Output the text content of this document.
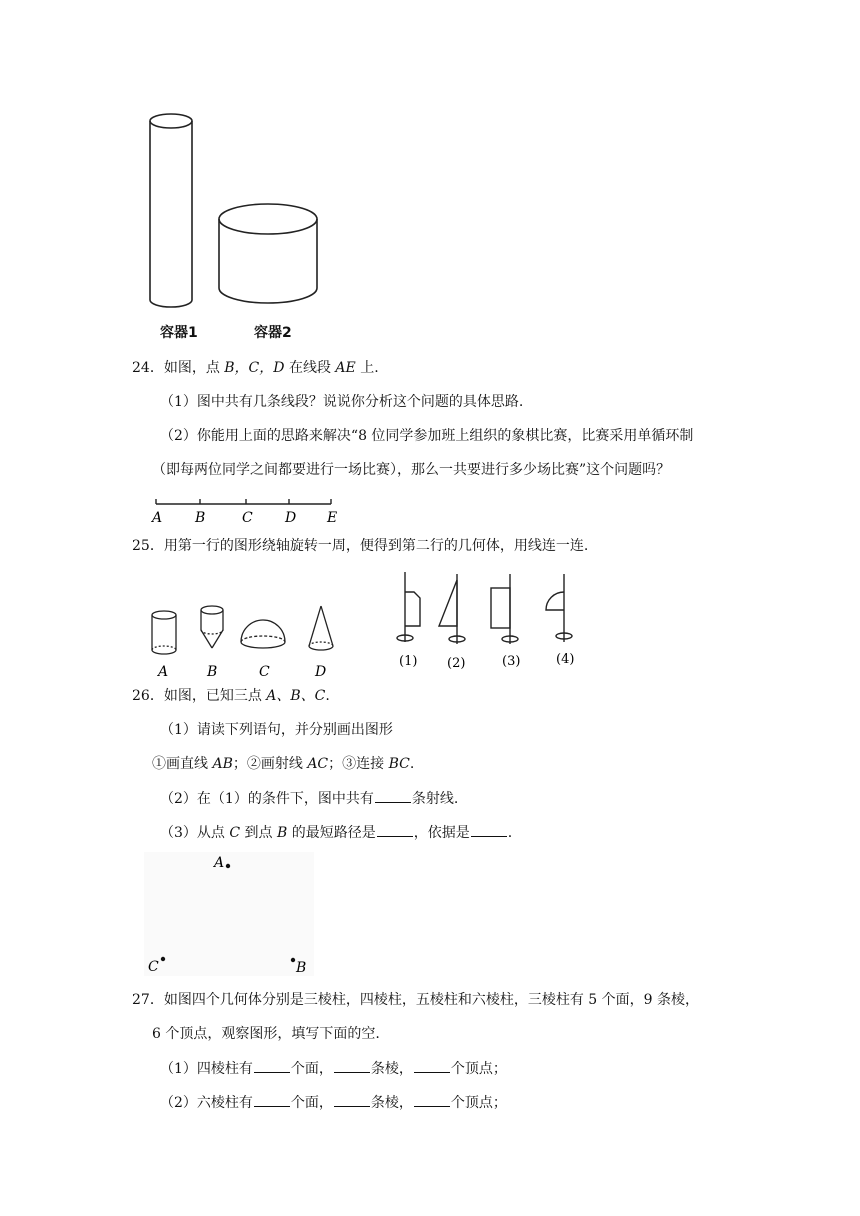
容器1	容器2
24．如图，点 B，C，D 在线段 AE 上.
（1）图中共有几条线段？说说你分析这个问题的具体思路.
（2）你能用上面的思路来解决“8 位同学参加班上组织的象棋比赛，比赛采用单循环制
（即每两位同学之间都要进行一场比赛），那么一共要进行多少场比赛”这个问题吗？
A B	C D E
25．用第一行的图形绕轴旋转一周，便得到第二行的几何体，用线连一连.
A	B	C	D
(1) (2)	(3)	(4)
26．如图，已知三点 A、B、C.
（1）请读下列语句，并分别画出图形
①画直线 AB；②画射线 AC；③连接 BC.
（2）在（1）的条件下，图中共有	条射线.
（3）从点 C 到点 B 的最短路径是	，依据是	.
A
C	B
27．如图四个几何体分别是三棱柱，四棱柱，五棱柱和六棱柱，三棱柱有 5 个面，9 条棱，
6 个顶点，观察图形，填写下面的空.
（1）四棱柱有	个面，	条棱，	个顶点；
（2）六棱柱有	个面，	条棱，	个顶点；
